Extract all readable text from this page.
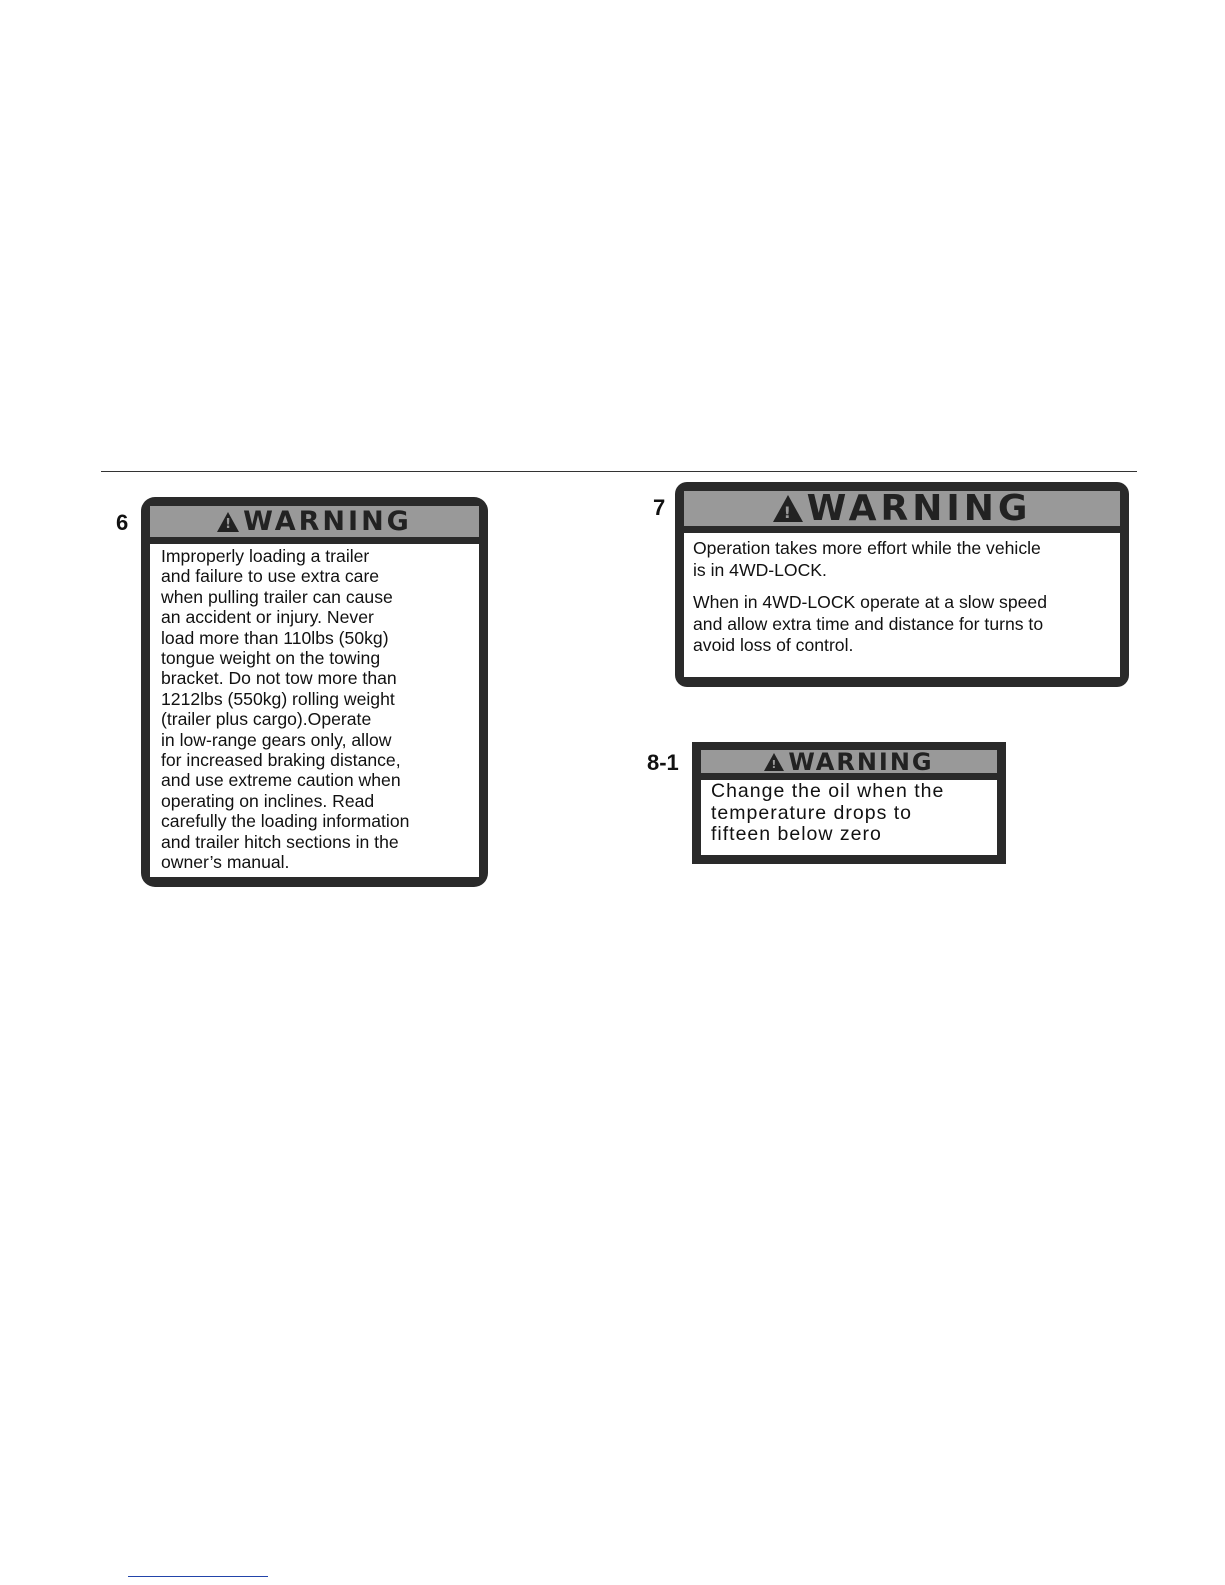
6	! WARNING
Improperly loading a trailer
and failure to use extra care
when pulling trailer can cause
an accident or injury. Never
load more than 110lbs (50kg)
tongue weight on the towing
bracket. Do not tow more than
1212lbs (550kg) rolling weight
(trailer plus cargo).Operate
in low-range gears only, allow
for increased braking distance,
and use extreme caution when
operating on inclines. Read
carefully the loading information
and trailer hitch sections in the
owner’s manual.
7	! WARNING

Operation takes more effort while the vehicle
is in 4WD-LOCK.

When in 4WD-LOCK operate at a slow speed
and allow extra time and distance for turns to
avoid loss of control.

8-1	! WARNING
Change the oil when the
temperature drops to
fifteen below zero
